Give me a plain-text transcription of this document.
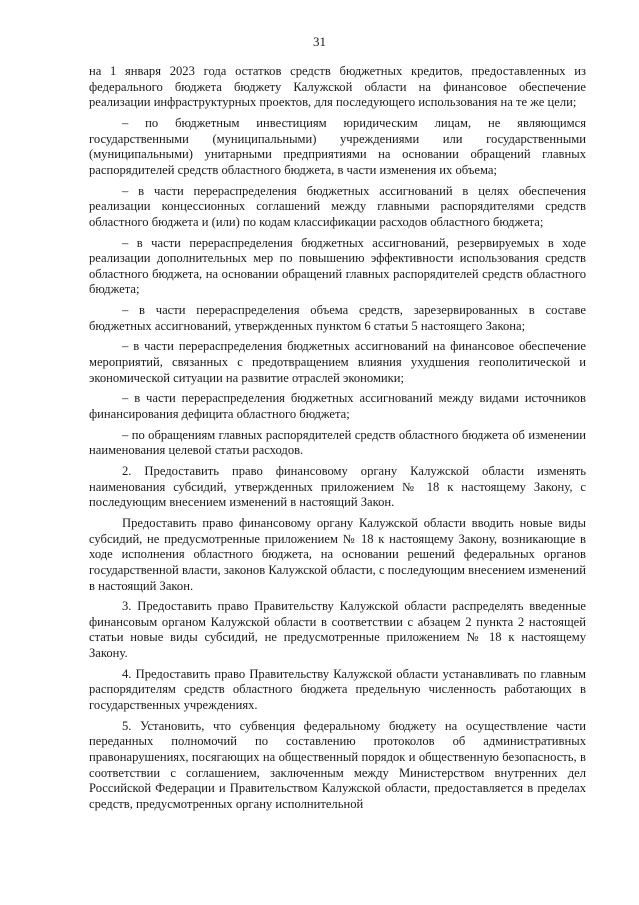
31

на 1 января 2023 года остатков средств бюджетных кредитов, предоставленных из федерального бюджета бюджету Калужской области на финансовое обеспечение реализации инфраструктурных проектов, для последующего использования на те же цели;

– по бюджетным инвестициям юридическим лицам, не являющимся государственными (муниципальными) учреждениями или государственными (муниципальными) унитарными предприятиями на основании обращений главных распорядителей средств областного бюджета, в части изменения их объема;

– в части перераспределения бюджетных ассигнований в целях обеспечения реализации концессионных соглашений между главными распорядителями средств областного бюджета и (или) по кодам классификации расходов областного бюджета;

– в части перераспределения бюджетных ассигнований, резервируемых в ходе реализации дополнительных мер по повышению эффективности использования средств областного бюджета, на основании обращений главных распорядителей средств областного бюджета;

– в части перераспределения объема средств, зарезервированных в составе бюджетных ассигнований, утвержденных пунктом 6 статьи 5 настоящего Закона;

– в части перераспределения бюджетных ассигнований на финансовое обеспечение мероприятий, связанных с предотвращением влияния ухудшения геополитической и экономической ситуации на развитие отраслей экономики;

– в части перераспределения бюджетных ассигнований между видами источников финансирования дефицита областного бюджета;

– по обращениям главных распорядителей средств областного бюджета об изменении наименования целевой статьи расходов.

2. Предоставить право финансовому органу Калужской области изменять наименования субсидий, утвержденных приложением № 18 к настоящему Закону, с последующим внесением изменений в настоящий Закон.

Предоставить право финансовому органу Калужской области вводить новые виды субсидий, не предусмотренные приложением № 18 к настоящему Закону, возникающие в ходе исполнения областного бюджета, на основании решений федеральных органов государственной власти, законов Калужской области, с последующим внесением изменений в настоящий Закон.

3. Предоставить право Правительству Калужской области распределять введенные финансовым органом Калужской области в соответствии с абзацем 2 пункта 2 настоящей статьи новые виды субсидий, не предусмотренные приложением № 18 к настоящему Закону.

4. Предоставить право Правительству Калужской области устанавливать по главным распорядителям средств областного бюджета предельную численность работающих в государственных учреждениях.

5. Установить, что субвенция федеральному бюджету на осуществление части переданных полномочий по составлению протоколов об административных правонарушениях, посягающих на общественный порядок и общественную безопасность, в соответствии с соглашением, заключенным между Министерством внутренних дел Российской Федерации и Правительством Калужской области, предоставляется в пределах средств, предусмотренных органу исполнительной
